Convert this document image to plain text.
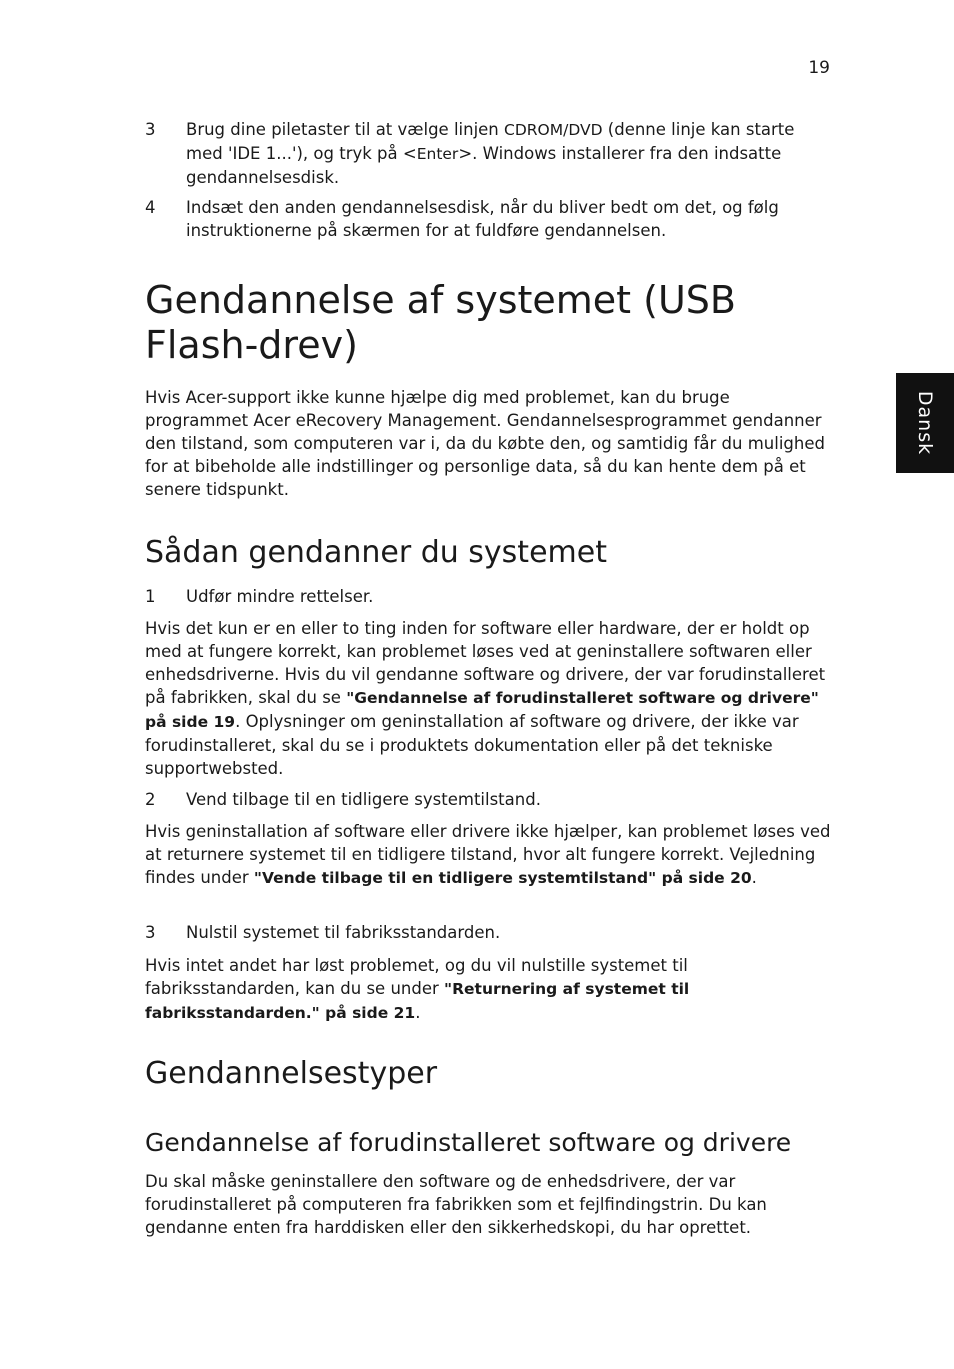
19
Dansk
3 Brug dine piletaster til at vælge linjen CDROM/DVD (denne linje kan starte med 'IDE 1...'), og tryk på <Enter>. Windows installerer fra den indsatte gendannelsesdisk.
4 Indsæt den anden gendannelsesdisk, når du bliver bedt om det, og følg instruktionerne på skærmen for at fuldføre gendannelsen.
Gendannelse af systemet (USB Flash-drev)

Hvis Acer-support ikke kunne hjælpe dig med problemet, kan du bruge programmet Acer eRecovery Management. Gendannelsesprogrammet gendanner den tilstand, som computeren var i, da du købte den, og samtidig får du mulighed for at bibeholde alle indstillinger og personlige data, så du kan hente dem på et senere tidspunkt.

Sådan gendanner du systemet
1 Udfør mindre rettelser.

Hvis det kun er en eller to ting inden for software eller hardware, der er holdt op med at fungere korrekt, kan problemet løses ved at geninstallere softwaren eller enhedsdriverne. Hvis du vil gendanne software og drivere, der var forudinstalleret på fabrikken, skal du se "Gendannelse af forudinstalleret software og drivere" på side 19. Oplysninger om geninstallation af software og drivere, der ikke var forudinstalleret, skal du se i produktets dokumentation eller på det tekniske supportwebsted.

2 Vend tilbage til en tidligere systemtilstand.

Hvis geninstallation af software eller drivere ikke hjælper, kan problemet løses ved at returnere systemet til en tidligere tilstand, hvor alt fungere korrekt. Vejledning findes under "Vende tilbage til en tidligere systemtilstand" på side 20.

3 Nulstil systemet til fabriksstandarden.

Hvis intet andet har løst problemet, og du vil nulstille systemet til fabriksstandarden, kan du se under "Returnering af systemet til fabriksstandarden." på side 21.

Gendannelsestyper
Gendannelse af forudinstalleret software og drivere

Du skal måske geninstallere den software og de enhedsdrivere, der var forudinstalleret på computeren fra fabrikken som et fejlfindingstrin. Du kan gendanne enten fra harddisken eller den sikkerhedskopi, du har oprettet.
